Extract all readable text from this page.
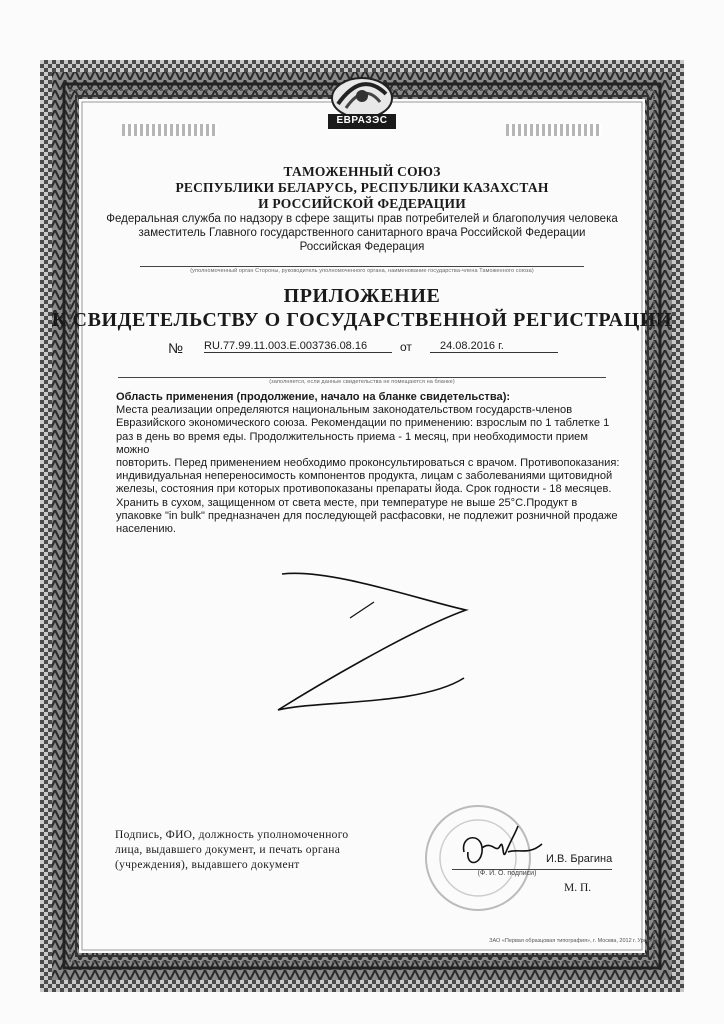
ЕВРАЗЭС
ТАМОЖЕННЫЙ СОЮЗ
РЕСПУБЛИКИ БЕЛАРУСЬ, РЕСПУБЛИКИ КАЗАХСТАН
И РОССИЙСКОЙ ФЕДЕРАЦИИ
Федеральная служба по надзору в сфере защиты прав потребителей и благополучия человека
заместитель Главного государственного санитарного врача Российской Федерации
Российская Федерация
(уполномоченный орган Стороны, руководитель уполномоченного органа, наименование государства-члена Таможенного союза)
ПРИЛОЖЕНИЕ
К СВИДЕТЕЛЬСТВУ О ГОСУДАРСТВЕННОЙ РЕГИСТРАЦИИ
№ RU.77.99.11.003.Е.003736.08.16	от	24.08.2016 г.
(заполняется, если данные свидетельства не помещаются на бланке)

Область применения (продолжение, начало на бланке свидетельства):

Места реализации определяются национальным законодательством государств-членов

Евразийского экономического союза. Рекомендации по применению: взрослым по 1 таблетке 1

раз в день во время еды. Продолжительность приема - 1 месяц, при необходимости прием можно

повторить. Перед применением необходимо проконсультироваться с врачом. Противопоказания:

индивидуальная непереносимость компонентов продукта, лицам с заболеваниями щитовидной

железы, состояния при которых противопоказаны препараты йода. Срок годности - 18 месяцев.

Хранить в сухом, защищенном от света месте, при температуре не выше 25°С.Продукт в

упаковке "in bulk" предназначен для последующей расфасовки, не подлежит розничной продаже

населению.

Подпись, ФИО, должность уполномоченного
лица, выдавшего документ, и печать органа
(учреждения), выдавшего документ	И.В. Брагина
(Ф. И. О. подписи)
М. П.
ЗАО «Первая образцовая типография», г. Москва, 2012 г. Уровень «Б»
